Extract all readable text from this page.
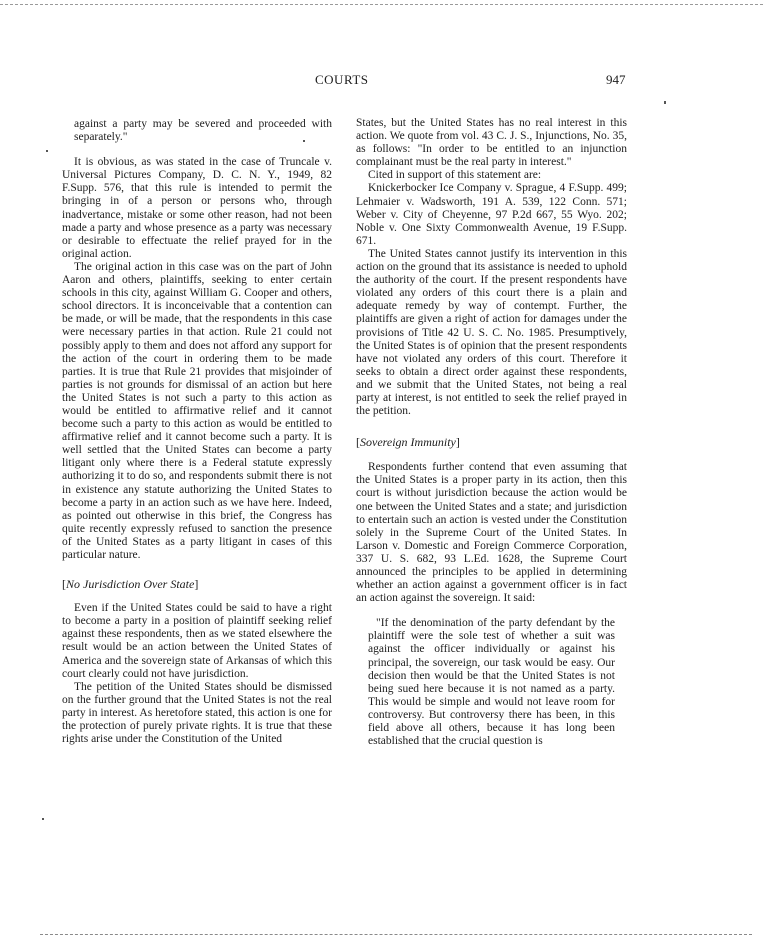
COURTS	947

against a party may be severed and proceeded with separately."

It is obvious, as was stated in the case of Truncale v. Universal Pictures Company, D. C. N. Y., 1949, 82 F.Supp. 576, that this rule is intended to permit the bringing in of a person or persons who, through inadvertance, mistake or some other reason, had not been made a party and whose presence as a party was necessary or desirable to effectuate the relief prayed for in the original action.

The original action in this case was on the part of John Aaron and others, plaintiffs, seeking to enter certain schools in this city, against William G. Cooper and others, school directors. It is inconceivable that a contention can be made, or will be made, that the respondents in this case were necessary parties in that action. Rule 21 could not possibly apply to them and does not afford any support for the action of the court in ordering them to be made parties. It is true that Rule 21 provides that misjoinder of parties is not grounds for dismissal of an action but here the United States is not such a party to this action as would be entitled to affirmative relief and it cannot become such a party to this action as would be entitled to affirmative relief and it cannot become such a party. It is well settled that the United States can become a party litigant only where there is a Federal statute expressly authorizing it to do so, and respondents submit there is not in existence any statute authorizing the United States to become a party in an action such as we have here. Indeed, as pointed out otherwise in this brief, the Congress has quite recently expressly refused to sanction the presence of the United States as a party litigant in cases of this particular nature.

[No Jurisdiction Over State]

Even if the United States could be said to have a right to become a party in a position of plaintiff seeking relief against these respondents, then as we stated elsewhere the result would be an action between the United States of America and the sovereign state of Arkansas of which this court clearly could not have jurisdiction.

The petition of the United States should be dismissed on the further ground that the United States is not the real party in interest. As heretofore stated, this action is one for the protection of purely private rights. It is true that these rights arise under the Constitution of the United

States, but the United States has no real interest in this action. We quote from vol. 43 C. J. S., Injunctions, No. 35, as follows: "In order to be entitled to an injunction complainant must be the real party in interest."

Cited in support of this statement are:

Knickerbocker Ice Company v. Sprague, 4 F.Supp. 499; Lehmaier v. Wadsworth, 191 A. 539, 122 Conn. 571; Weber v. City of Cheyenne, 97 P.2d 667, 55 Wyo. 202; Noble v. One Sixty Commonwealth Avenue, 19 F.Supp. 671.

The United States cannot justify its intervention in this action on the ground that its assistance is needed to uphold the authority of the court. If the present respondents have violated any orders of this court there is a plain and adequate remedy by way of contempt. Further, the plaintiffs are given a right of action for damages under the provisions of Title 42 U. S. C. No. 1985. Presumptively, the United States is of opinion that the present respondents have not violated any orders of this court. Therefore it seeks to obtain a direct order against these respondents, and we submit that the United States, not being a real party at interest, is not entitled to seek the relief prayed in the petition.

[Sovereign Immunity]

Respondents further contend that even assuming that the United States is a proper party in its action, then this court is without jurisdiction because the action would be one between the United States and a state; and jurisdiction to entertain such an action is vested under the Constitution solely in the Supreme Court of the United States. In Larson v. Domestic and Foreign Commerce Corporation, 337 U. S. 682, 93 L.Ed. 1628, the Supreme Court announced the principles to be applied in determining whether an action against a government officer is in fact an action against the sovereign. It said:

"If the denomination of the party defendant by the plaintiff were the sole test of whether a suit was against the officer individually or against his principal, the sovereign, our task would be easy. Our decision then would be that the United States is not being sued here because it is not named as a party. This would be simple and would not leave room for controversy. But controversy there has been, in this field above all others, because it has long been established that the crucial question is
